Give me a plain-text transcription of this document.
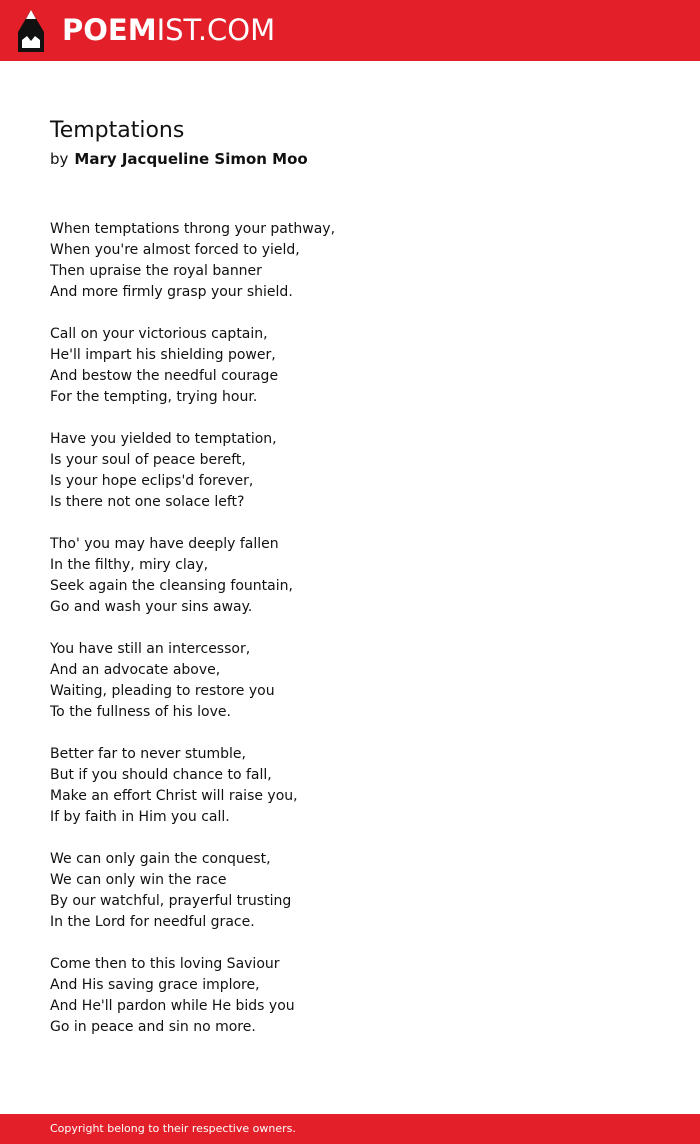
POEMIST.COM
Temptations
by Mary Jacqueline Simon Moo
When temptations throng your pathway,
When you're almost forced to yield,
Then upraise the royal banner
And more firmly grasp your shield.
Call on your victorious captain,
He'll impart his shielding power,
And bestow the needful courage
For the tempting, trying hour.
Have you yielded to temptation,
Is your soul of peace bereft,
Is your hope eclips'd forever,
Is there not one solace left?
Tho' you may have deeply fallen
In the filthy, miry clay,
Seek again the cleansing fountain,
Go and wash your sins away.
You have still an intercessor,
And an advocate above,
Waiting, pleading to restore you
To the fullness of his love.
Better far to never stumble,
But if you should chance to fall,
Make an effort Christ will raise you,
If by faith in Him you call.
We can only gain the conquest,
We can only win the race
By our watchful, prayerful trusting
In the Lord for needful grace.
Come then to this loving Saviour
And His saving grace implore,
And He'll pardon while He bids you
Go in peace and sin no more.
Copyright belong to their respective owners.
